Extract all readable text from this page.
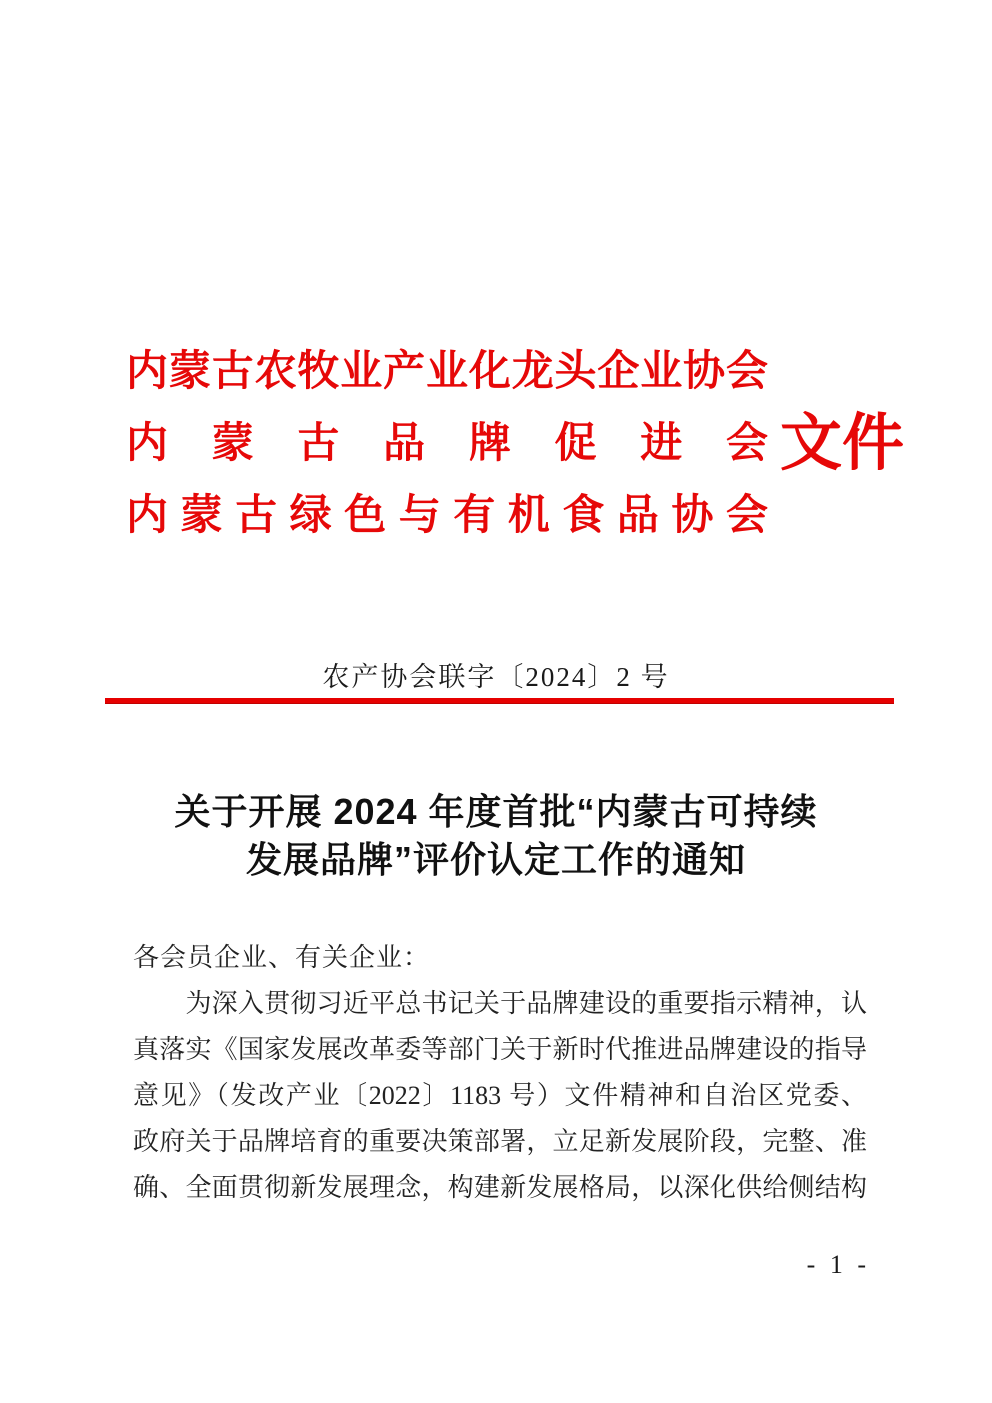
内蒙古农牧业产业化龙头企业协会
内蒙古品牌促进会 文件
内蒙古绿色与有机食品协会
农产协会联字〔2024〕2 号
关于开展 2024 年度首批“内蒙古可持续
发展品牌”评价认定工作的通知
各会员企业、有关企业：
　　为深入贯彻习近平总书记关于品牌建设的重要指示精神，认
真落实《国家发展改革委等部门关于新时代推进品牌建设的指导
意见》（发改产业〔2022〕1183 号）文件精神和自治区党委、
政府关于品牌培育的重要决策部署，立足新发展阶段，完整、准
确、全面贯彻新发展理念，构建新发展格局，以深化供给侧结构
- 1 -
